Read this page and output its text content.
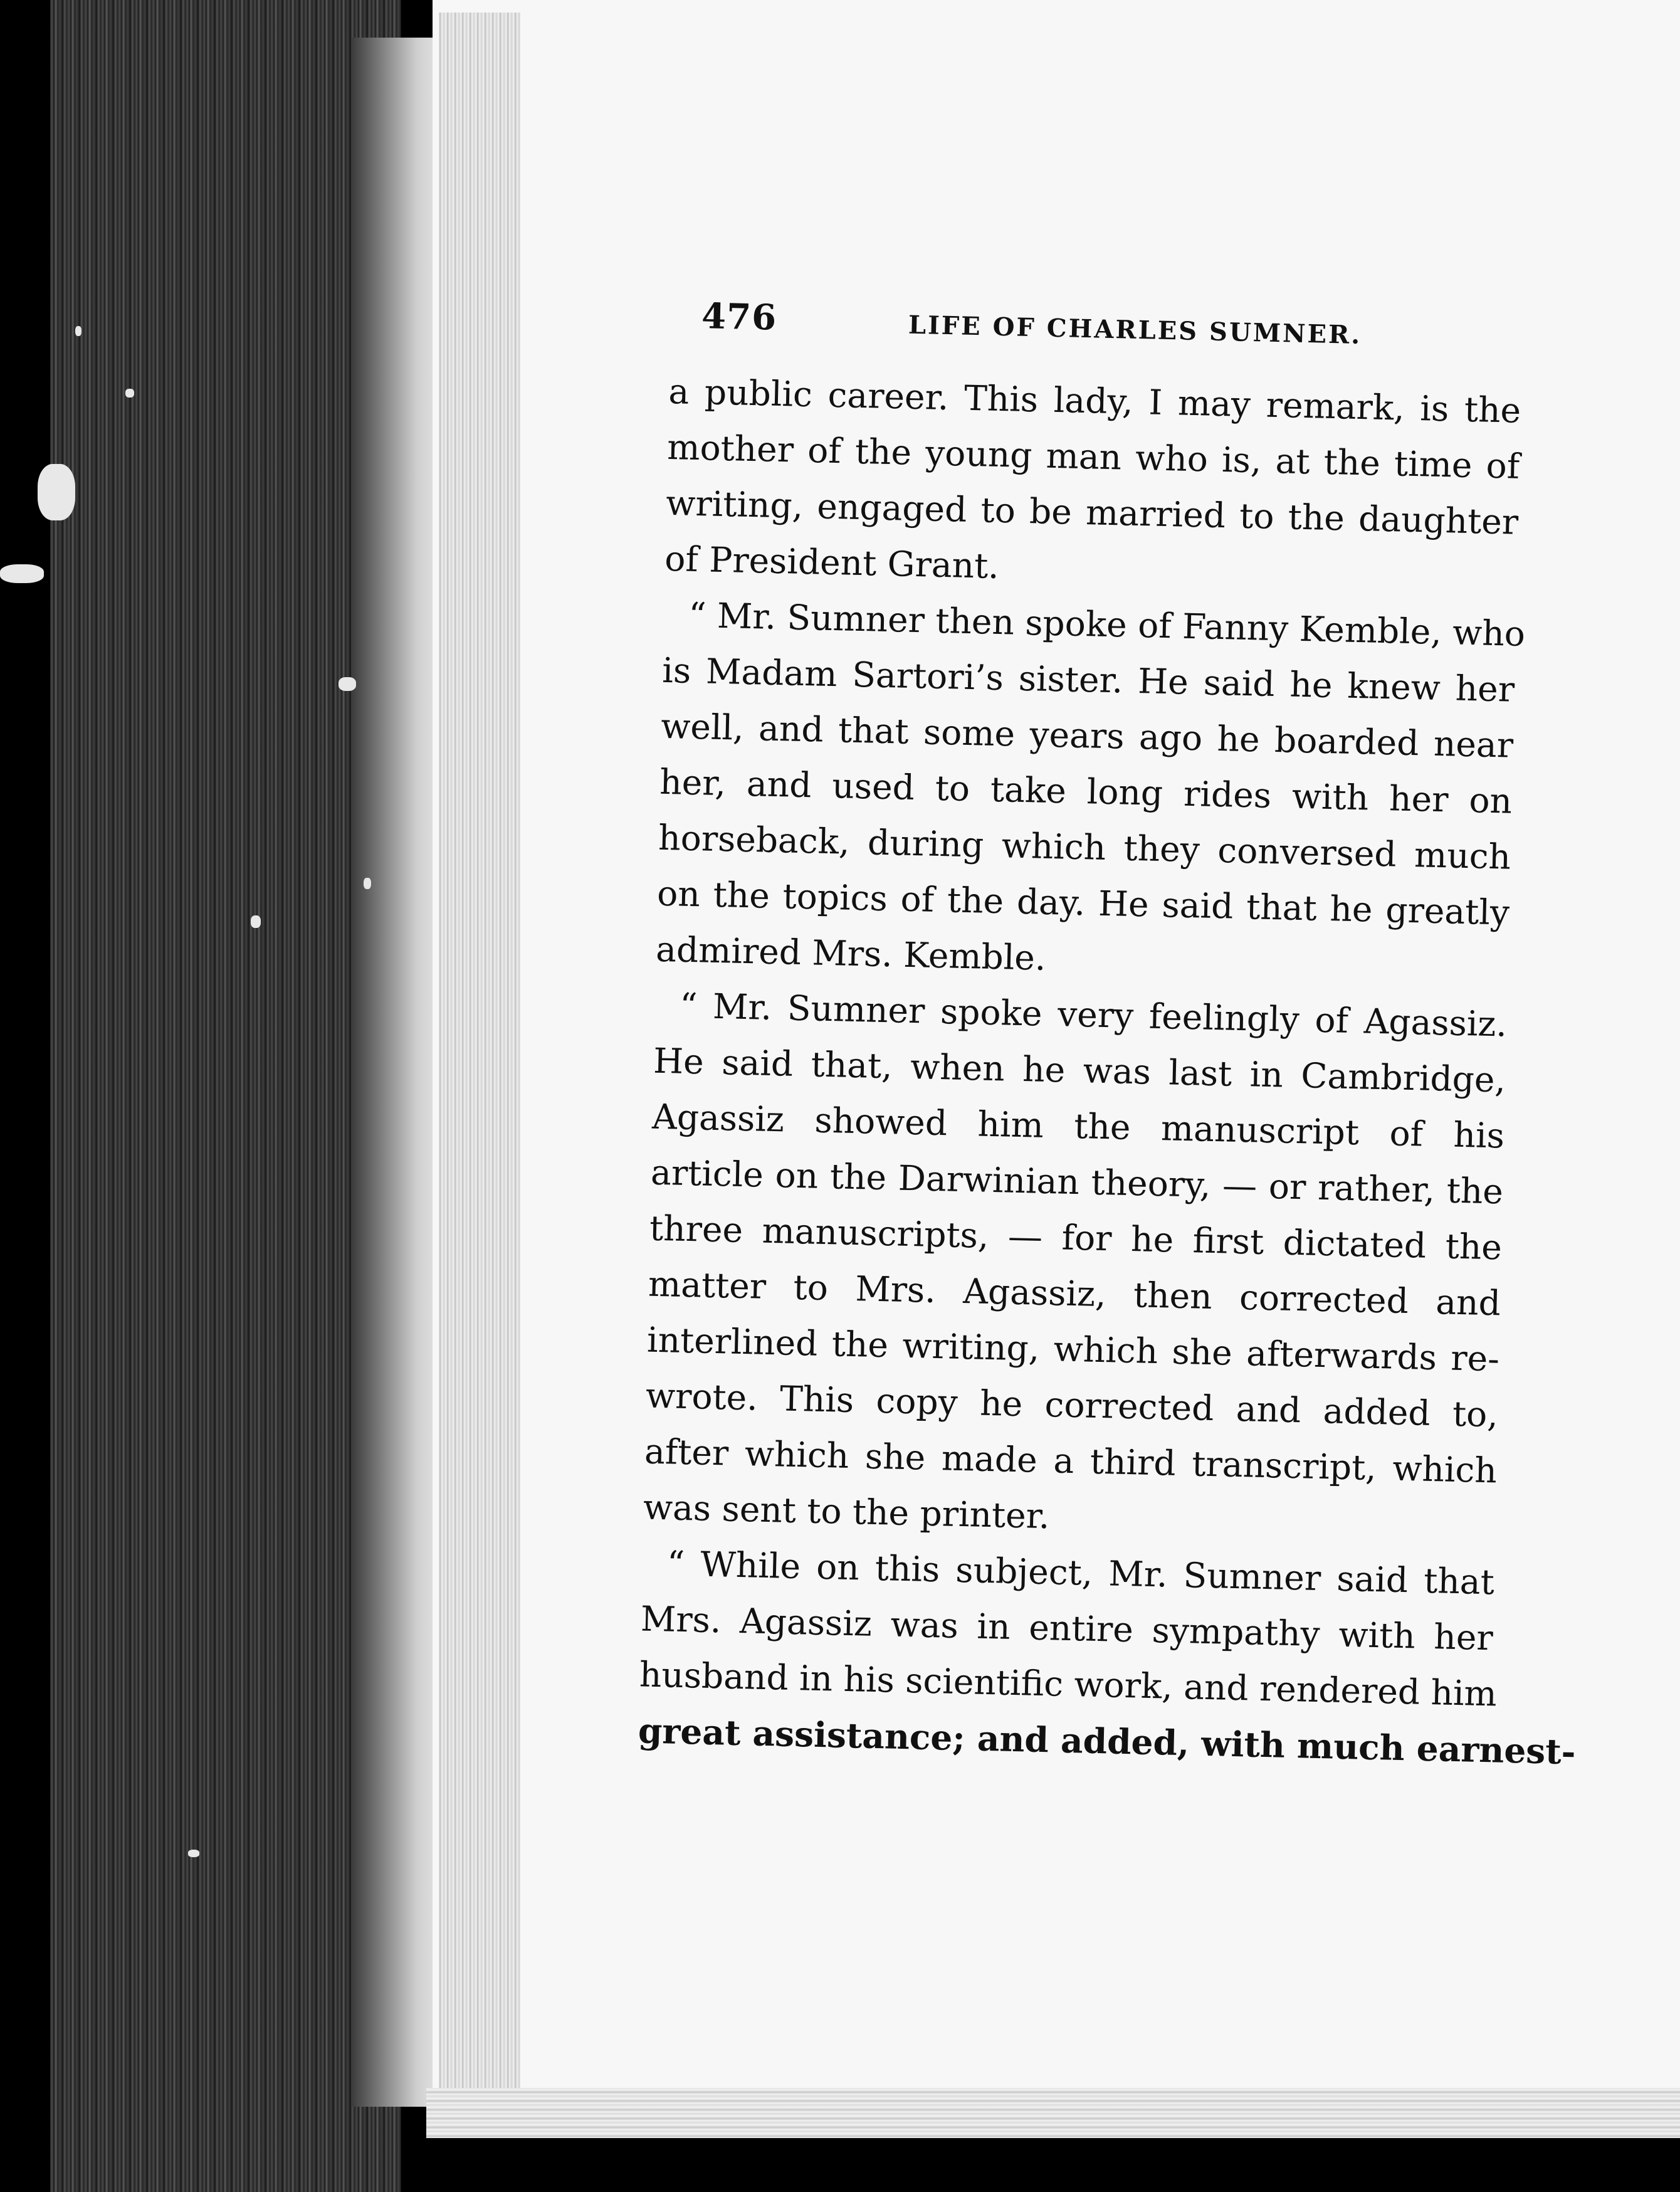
476	LIFE OF CHARLES SUMNER.
a public career. This lady, I may remark, is the
mother of the young man who is, at the time of
writing, engaged to be married to the daughter
of President Grant.
“ Mr. Sumner then spoke of Fanny Kemble, who
is Madam Sartori’s sister. He said he knew her
well, and that some years ago he boarded near
her, and used to take long rides with her on
horseback, during which they conversed much
on the topics of the day. He said that he greatly
admired Mrs. Kemble.
“ Mr. Sumner spoke very feelingly of Agassiz.
He said that, when he was last in Cambridge,
Agassiz showed him the manuscript of his
article on the Darwinian theory, — or rather, the
three manuscripts, — for he first dictated the
matter to Mrs. Agassiz, then corrected and
interlined the writing, which she afterwards re-
wrote. This copy he corrected and added to,
after which she made a third transcript, which
was sent to the printer.
“ While on this subject, Mr. Sumner said that
Mrs. Agassiz was in entire sympathy with her
husband in his scientific work, and rendered him
great assistance; and added, with much earnest-
